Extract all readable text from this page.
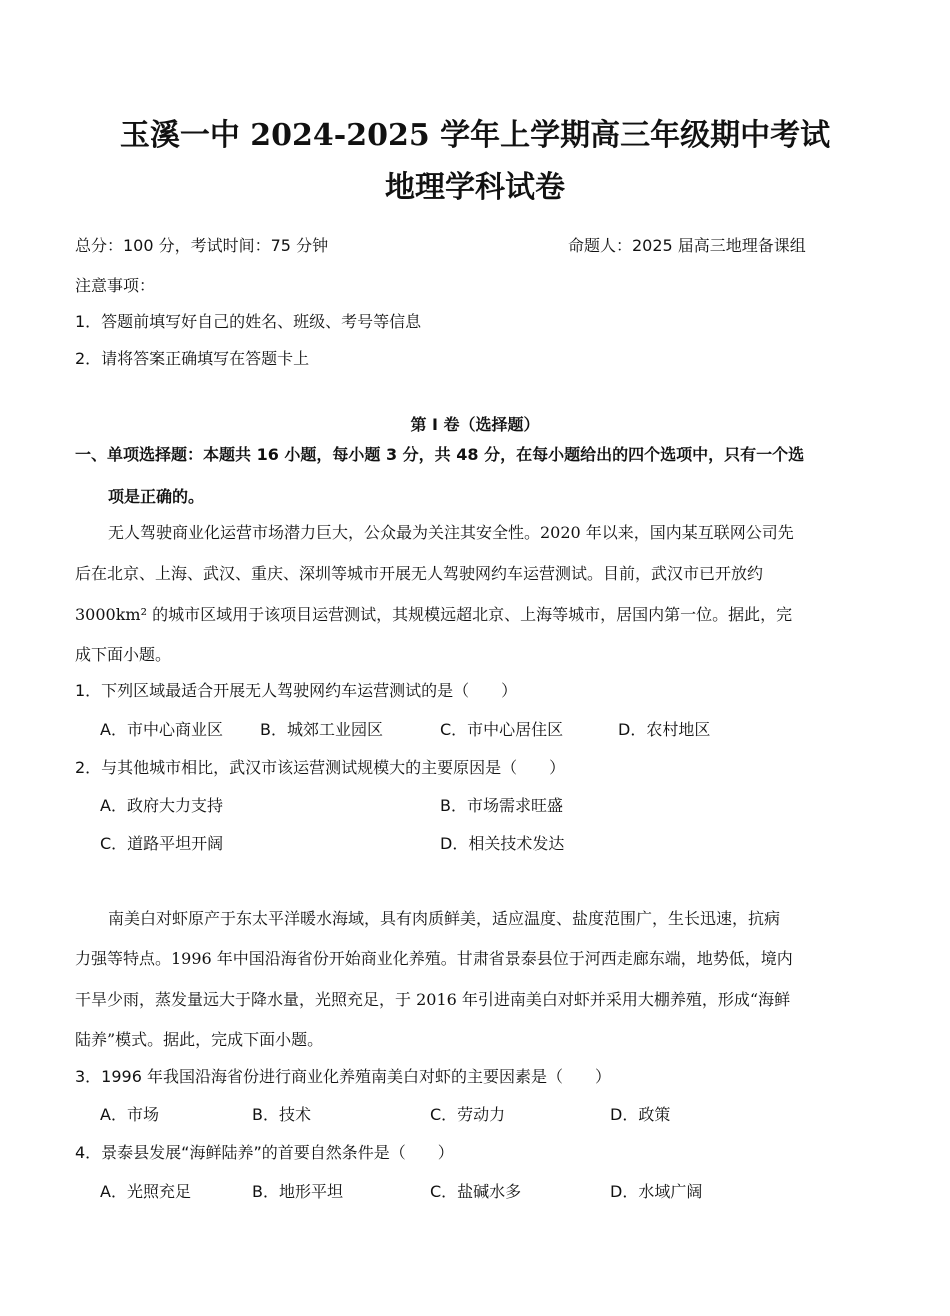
玉溪一中 2024-2025 学年上学期高三年级期中考试
地理学科试卷
总分：100 分，考试时间：75 分钟	命题人：2025 届高三地理备课组
注意事项：
1．答题前填写好自己的姓名、班级、考号等信息
2．请将答案正确填写在答题卡上
第 I 卷（选择题）
一、单项选择题：本题共 16 小题，每小题 3 分，共 48 分，在每小题给出的四个选项中，只有一个选
项是正确的。
无人驾驶商业化运营市场潜力巨大，公众最为关注其安全性。2020 年以来，国内某互联网公司先
后在北京、上海、武汉、重庆、深圳等城市开展无人驾驶网约车运营测试。目前，武汉市已开放约
3000km² 的城市区域用于该项目运营测试，其规模远超北京、上海等城市，居国内第一位。据此，完
成下面小题。
1．下列区域最适合开展无人驾驶网约车运营测试的是（　　）
A．市中心商业区 B．城郊工业园区	C．市中心居住区	D．农村地区
2．与其他城市相比，武汉市该运营测试规模大的主要原因是（　　）
A．政府大力支持	B．市场需求旺盛
C．道路平坦开阔	D．相关技术发达
南美白对虾原产于东太平洋暖水海域，具有肉质鲜美，适应温度、盐度范围广，生长迅速，抗病
力强等特点。1996 年中国沿海省份开始商业化养殖。甘肃省景泰县位于河西走廊东端，地势低，境内
干旱少雨，蒸发量远大于降水量，光照充足，于 2016 年引进南美白对虾并采用大棚养殖，形成“海鲜
陆养”模式。据此，完成下面小题。
3．1996 年我国沿海省份进行商业化养殖南美白对虾的主要因素是（　　）
A．市场	B．技术	C．劳动力	D．政策
4．景泰县发展“海鲜陆养”的首要自然条件是（　　）
A．光照充足	B．地形平坦	C．盐碱水多	D．水域广阔
